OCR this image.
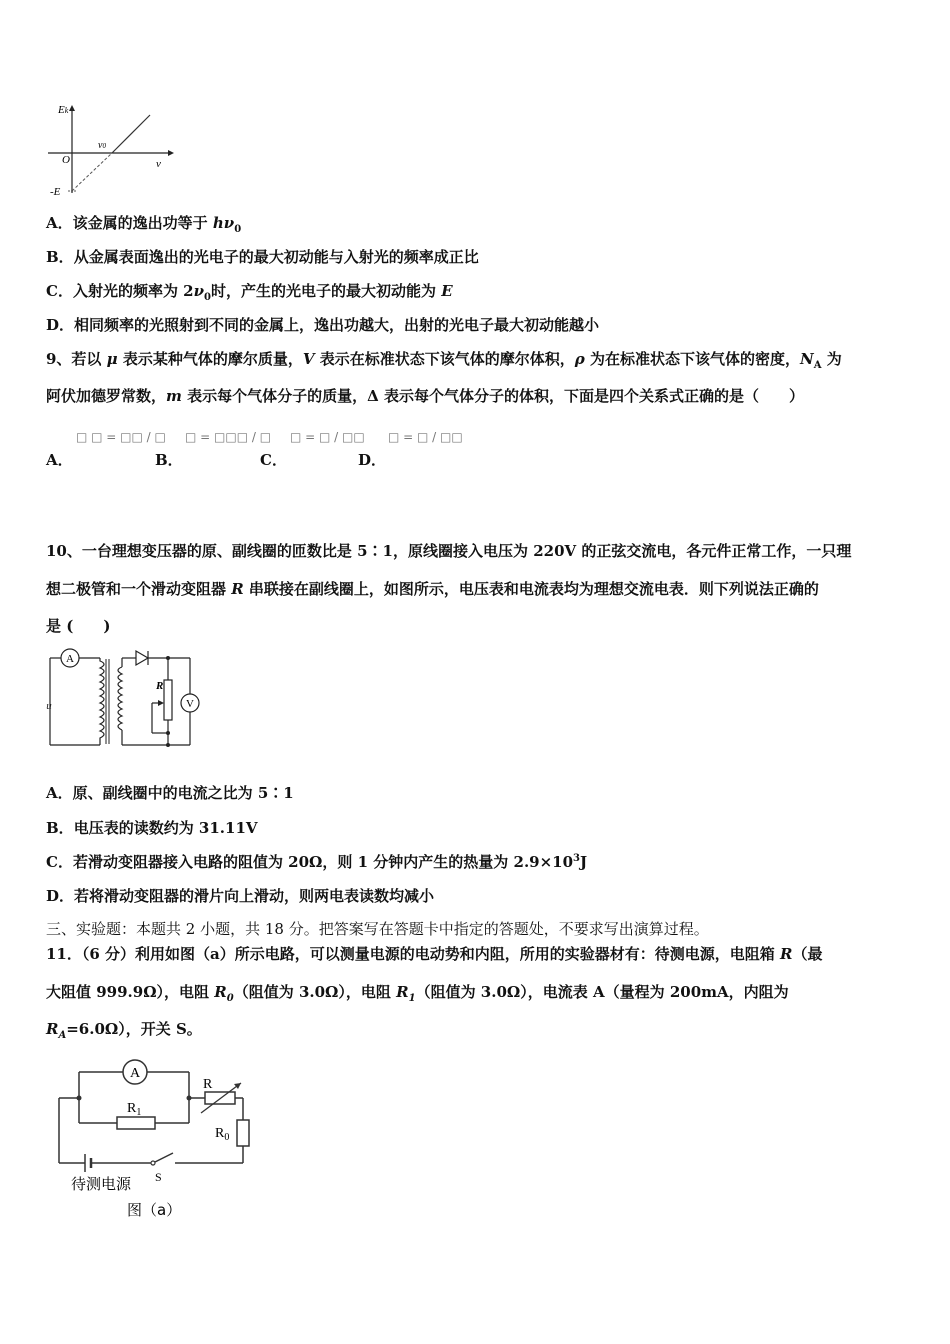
Ek
O
ν0
ν
-E
A．该金属的逸出功等于 $h\nu_0$
B．从金属表面逸出的光电子的最大初动能与入射光的频率成正比
C．入射光的频率为 $2\nu_0$时，产生的光电子的最大初动能为 E
D．相同频率的光照射到不同的金属上，逸出功越大，出射的光电子最大初动能越小
9、若以 μ 表示某种气体的摩尔质量，V 表示在标准状态下该气体的摩尔体积，ρ 为在标准状态下该气体的密度，$N_A$ 为
阿伏加德罗常数，m 表示每个气体分子的质量，Δ 表示每个气体分子的体积，下面是四个关系式正确的是（　　）
A．
□ □ = □□ / □
B．
□ = □□□ / □
C．
□ = □ / □□
D．
□ = □ / □□
10、一台理想变压器的原、副线圈的匝数比是 5∶1，原线圈接入电压为 220V 的正弦交流电，各元件正常工作，一只理
想二极管和一个滑动变阻器 R 串联接在副线圈上，如图所示，电压表和电流表均为理想交流电表．则下列说法正确的
是 (　　)
A
u
R
V
A．原、副线圈中的电流之比为 5∶1
B．电压表的读数约为 31.11V
C．若滑动变阻器接入电路的阻值为 20Ω，则 1 分钟内产生的热量为 $2.9\times 10^3J$
D．若将滑动变阻器的滑片向上滑动，则两电表读数均减小
三、实验题：本题共 2 小题，共 18 分。把答案写在答题卡中指定的答题处，不要求写出演算过程。
11．（6 分）利用如图（a）所示电路，可以测量电源的电动势和内阻，所用的实验器材有：待测电源，电阻箱 R（最
大阻值 999.9Ω），电阻 $R_0$（阻值为 3.0Ω），电阻 $R_1$（阻值为 3.0Ω），电流表 A（量程为 200mA，内阻为
$R_A=6.0\Omega$），开关 S。
A
$R_1$
R
$R_0$
S
待测电源
图（a）
